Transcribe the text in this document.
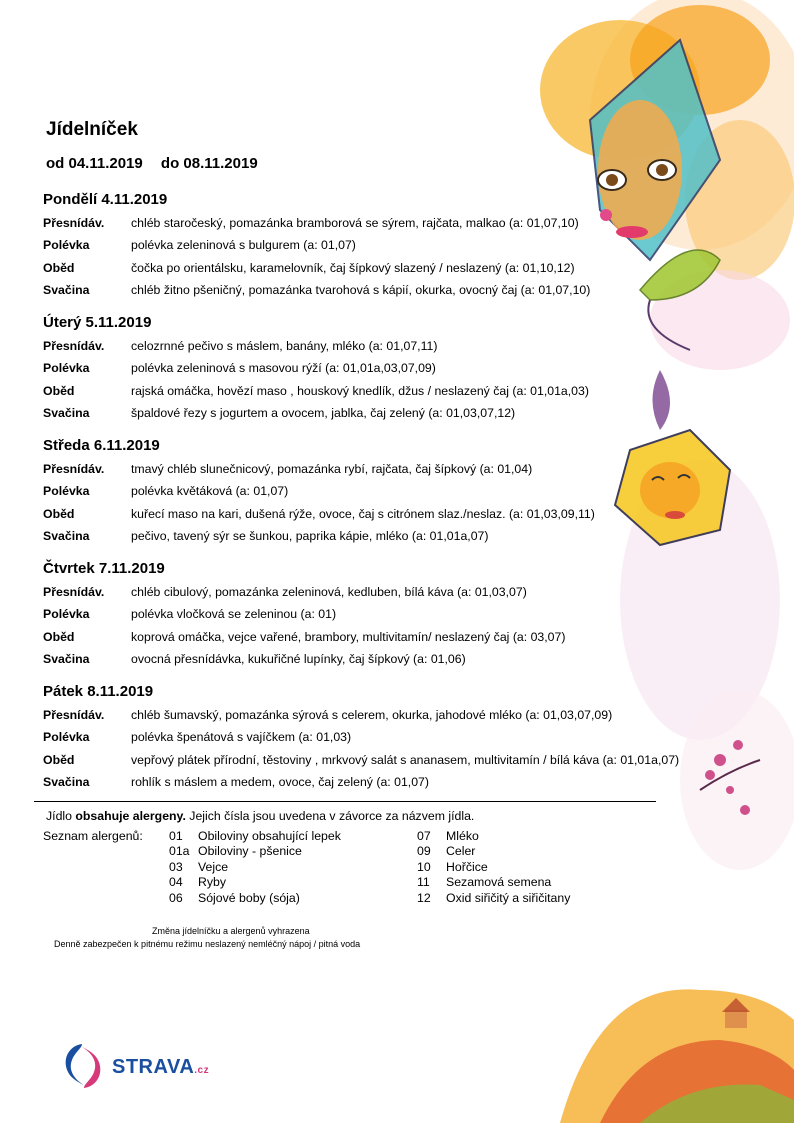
Jídelníček
od 04.11.2019 do 08.11.2019
Pondělí 4.11.2019
Přesnídáv. chléb staročeský, pomazánka bramborová se sýrem, rajčata, malkao (a: 01,07,10)
Polévka	polévka zeleninová s bulgurem (a: 01,07)
Oběd	čočka po orientálsku, karamelovník, čaj šípkový slazený / neslazený (a: 01,10,12)
Svačina	chléb žitno pšeničný, pomazánka tvarohová s kápií, okurka, ovocný čaj (a: 01,07,10)
Úterý 5.11.2019
Přesnídáv. celozrnné pečivo s máslem, banány, mléko (a: 01,07,11)
Polévka	polévka zeleninová s masovou rýží (a: 01,01a,03,07,09)
Oběd	rajská omáčka, hovězí maso , houskový knedlík, džus / neslazený čaj (a: 01,01a,03)
Svačina	špaldové řezy s jogurtem a ovocem, jablka, čaj zelený (a: 01,03,07,12)
Středa 6.11.2019
Přesnídáv. tmavý chléb slunečnicový, pomazánka rybí, rajčata, čaj šípkový (a: 01,04)
Polévka	polévka květáková (a: 01,07)
Oběd	kuřecí maso na kari, dušená rýže, ovoce, čaj s citrónem slaz./neslaz. (a: 01,03,09,11)
Svačina	pečivo, tavený sýr se šunkou, paprika kápie, mléko (a: 01,01a,07)
Čtvrtek 7.11.2019
Přesnídáv. chléb cibulový, pomazánka zeleninová, kedluben, bílá káva (a: 01,03,07)
Polévka	polévka vločková se zeleninou (a: 01)
Oběd	koprová omáčka, vejce vařené, brambory, multivitamín/ neslazený čaj (a: 03,07)
Svačina	ovocná přesnídávka, kukuřičné lupínky, čaj šípkový (a: 01,06)
Pátek 8.11.2019
Přesnídáv. chléb šumavský, pomazánka sýrová s celerem, okurka, jahodové mléko (a: 01,03,07,09)
Polévka	polévka špenátová s vajíčkem (a: 01,03)
Oběd	vepřový plátek přírodní, těstoviny , mrkvový salát s ananasem, multivitamín / bílá káva (a: 01,01a,07)
Svačina	rohlík s máslem a medem, ovoce, čaj zelený (a: 01,07)
Jídlo obsahuje alergeny. Jejich čísla jsou uvedena v závorce za názvem jídla.
Seznam alergenů: 01 Obiloviny obsahující lepek
01a Obiloviny - pšenice
03 Vejce
04 Ryby
06 Sójové boby (sója)
07 Mléko
09 Celer
10 Hořčice
11 Sezamová semena
12 Oxid siřičitý a siřičitany
Změna jídelníčku a alergenů vyhrazena
Denně zabezpečen k pitnému režimu neslazený nemléčný nápoj / pitná voda
STRAVA.cz
